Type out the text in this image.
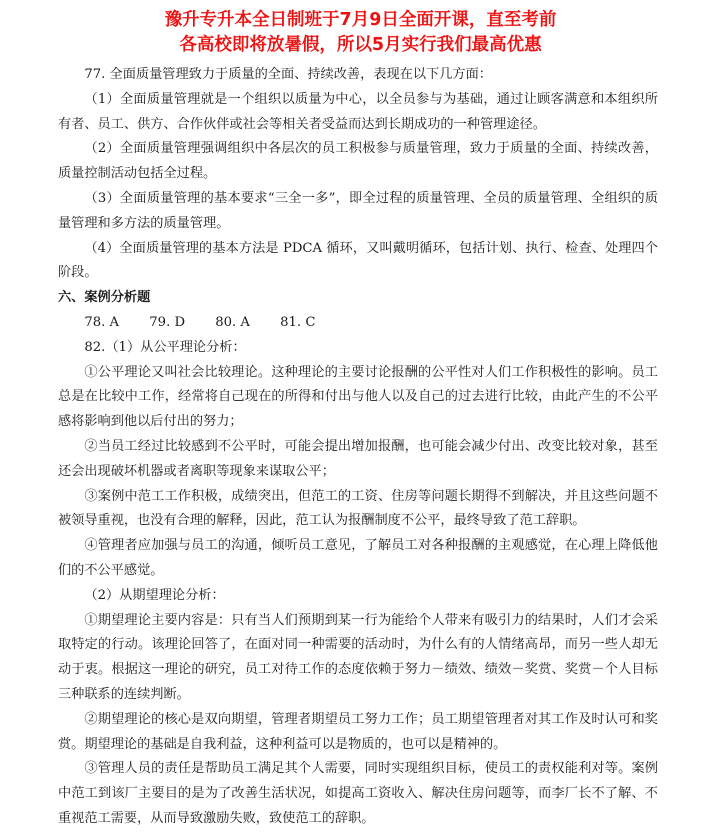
豫升专升本全日制班于7月9日全面开课，直至考前
各高校即将放暑假，所以5月实行我们最高优惠

77. 全面质量管理致力于质量的全面、持续改善，表现在以下几方面：

（1）全面质量管理就是一个组织以质量为中心，以全员参与为基础，通过让顾客满意和本组织所有者、员工、供方、合作伙伴或社会等相关者受益而达到长期成功的一种管理途径。

（2）全面质量管理强调组织中各层次的员工积极参与质量管理，致力于质量的全面、持续改善，质量控制活动包括全过程。

（3）全面质量管理的基本要求“三全一多”，即全过程的质量管理、全员的质量管理、全组织的质量管理和多方法的质量管理。

（4）全面质量管理的基本方法是 PDCA 循环，又叫戴明循环，包括计划、执行、检查、处理四个阶段。

六、案例分析题

78. A 79. D 80. A 81. C

82.（1）从公平理论分析：

①公平理论又叫社会比较理论。这种理论的主要讨论报酬的公平性对人们工作积极性的影响。员工总是在比较中工作，经常将自己现在的所得和付出与他人以及自己的过去进行比较，由此产生的不公平感将影响到他以后付出的努力；

②当员工经过比较感到不公平时，可能会提出增加报酬，也可能会减少付出、改变比较对象，甚至还会出现破坏机器或者离职等现象来谋取公平；

③案例中范工工作积极，成绩突出，但范工的工资、住房等问题长期得不到解决，并且这些问题不被领导重视，也没有合理的解释，因此，范工认为报酬制度不公平，最终导致了范工辞职。

④管理者应加强与员工的沟通，倾听员工意见，了解员工对各种报酬的主观感觉，在心理上降低他们的不公平感觉。

（2）从期望理论分析：

①期望理论主要内容是：只有当人们预期到某一行为能给个人带来有吸引力的结果时，人们才会采取特定的行动。该理论回答了，在面对同一种需要的活动时，为什么有的人情绪高昂，而另一些人却无动于衷。根据这一理论的研究，员工对待工作的态度依赖于努力－绩效、绩效－奖赏、奖赏－个人目标三种联系的连续判断。

②期望理论的核心是双向期望，管理者期望员工努力工作；员工期望管理者对其工作及时认可和奖赏。期望理论的基础是自我利益，这种利益可以是物质的，也可以是精神的。

③管理人员的责任是帮助员工满足其个人需要，同时实现组织目标，使员工的责权能利对等。案例中范工到该厂主要目的是为了改善生活状况，如提高工资收入、解决住房问题等，而李厂长不了解、不重视范工需要，从而导致激励失败，致使范工的辞职。
